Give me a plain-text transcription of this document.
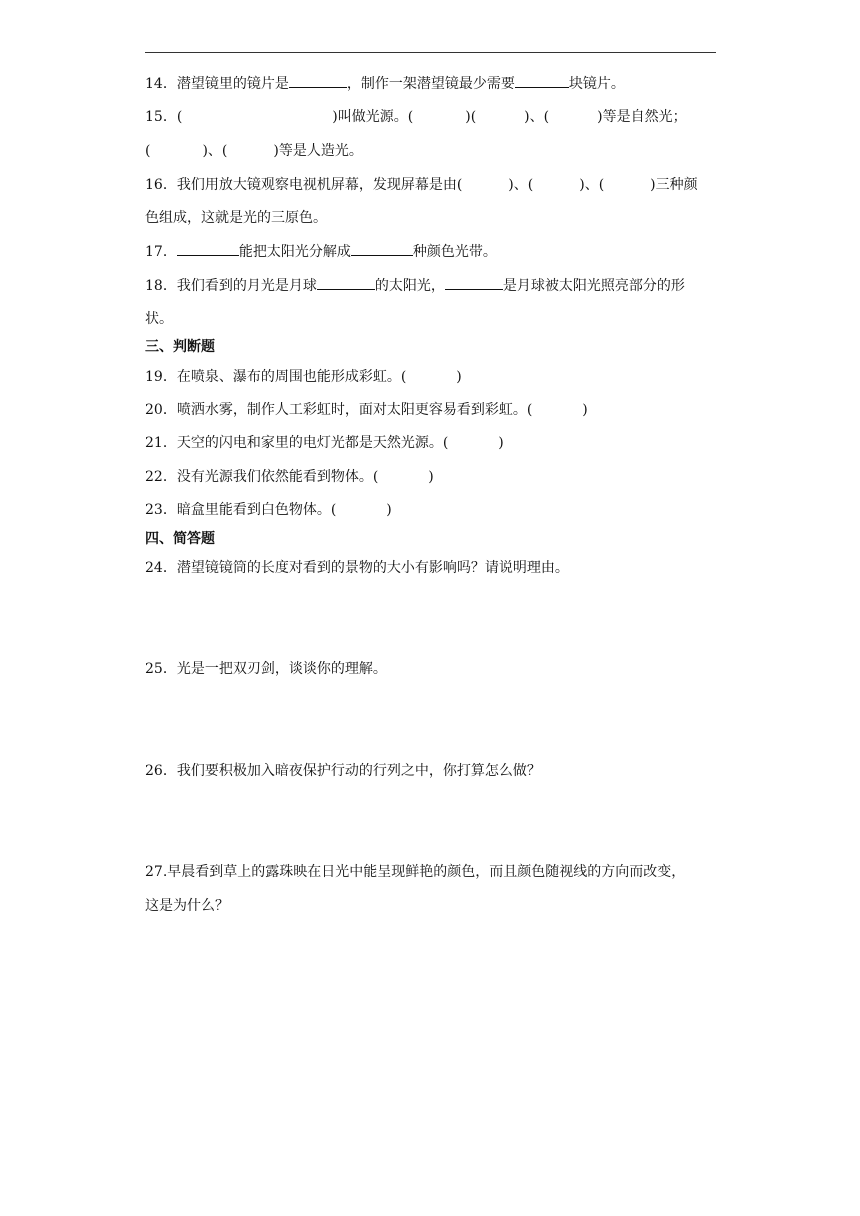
14．潜望镜里的镜片是	，制作一架潜望镜最少需要	块镜片。
15．(	)叫做光源。(	)(	)、(	)等是自然光；
(	)、(	)等是人造光。
16．我们用放大镜观察电视机屏幕，发现屏幕是由(	)、(	)、(	)三种颜
色组成，这就是光的三原色。
17．	能把太阳光分解成	种颜色光带。
18．我们看到的月光是月球	的太阳光，	是月球被太阳光照亮部分的形
状。
三、判断题
19．在喷泉、瀑布的周围也能形成彩虹。(	)
20．喷洒水雾，制作人工彩虹时，面对太阳更容易看到彩虹。(	)
21．天空的闪电和家里的电灯光都是天然光源。(	)
22．没有光源我们依然能看到物体。(	)
23．暗盒里能看到白色物体。(	)
四、简答题
24．潜望镜镜筒的长度对看到的景物的大小有影响吗？请说明理由。
25．光是一把双刃剑，谈谈你的理解。
26．我们要积极加入暗夜保护行动的行列之中，你打算怎么做？
27.早晨看到草上的露珠映在日光中能呈现鲜艳的颜色，而且颜色随视线的方向而改变，
这是为什么？
